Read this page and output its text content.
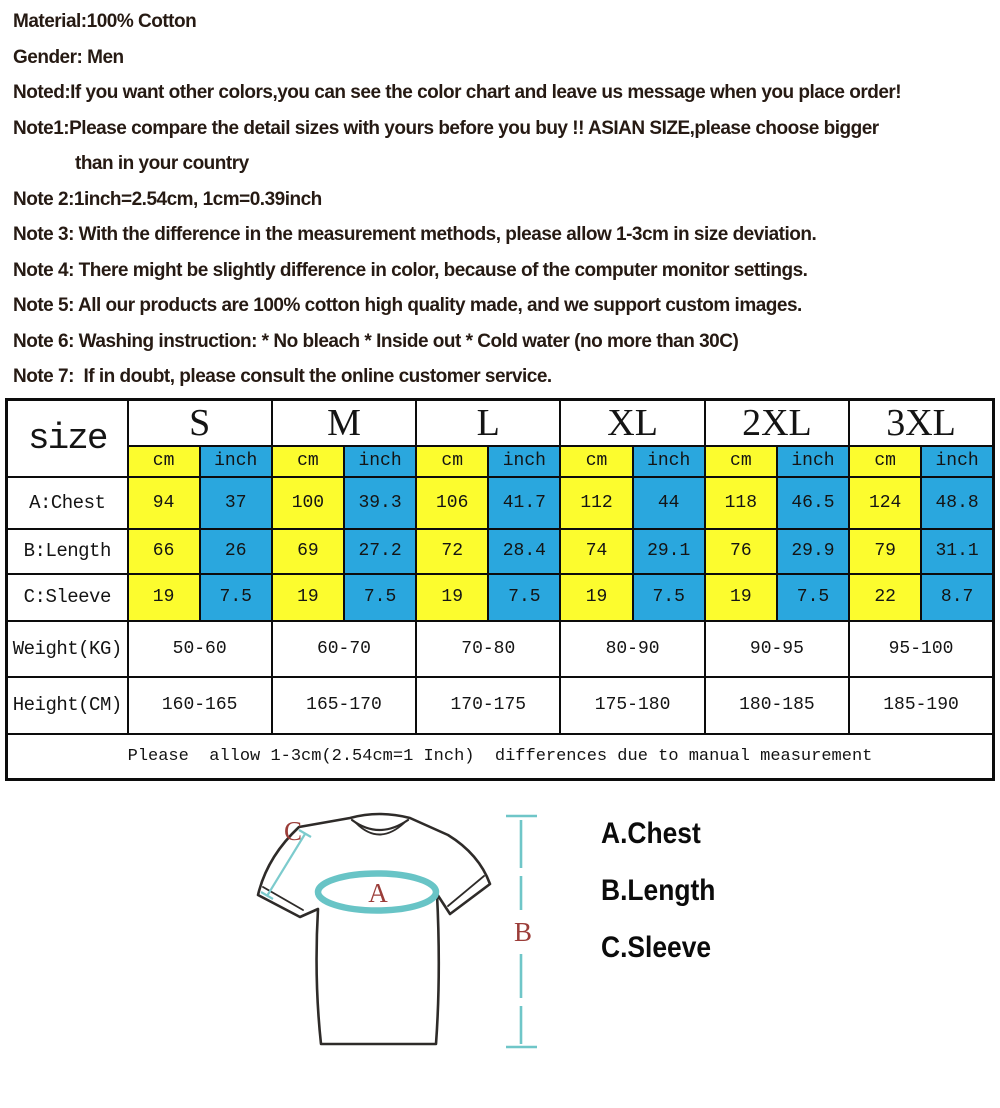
Material:100% Cotton
Gender: Men
Noted:If you want other colors,you can see the color chart and leave us message when you place order!
Note1:Please compare the detail sizes with yours before you buy !! ASIAN SIZE,please choose bigger
than in your country
Note 2:1inch=2.54cm, 1cm=0.39inch
Note 3: With the difference in the measurement methods, please allow 1-3cm in size deviation.
Note 4: There might be slightly difference in color, because of the computer monitor settings.
Note 5: All our products are 100% cotton high quality made, and we support custom images.
Note 6: Washing instruction: * No bleach * Inside out * Cold water (no more than 30C)
Note 7:  If in doubt, please consult the online customer service.
size	S		M		L		XL		2XL		3XL	
	cm	inch	cm	inch	cm	inch	cm	inch	cm	inch	cm	inch
A:Chest	94	37	100	39.3	106	41.7	112	44	118	46.5	124	48.8
B:Length	66	26	69	27.2	72	28.4	74	29.1	76	29.9	79	31.1
C:Sleeve	19	7.5	19	7.5	19	7.5	19	7.5	19	7.5	22	8.7
Weight(KG)	50-60		60-70		70-80		80-90		90-95		95-100	
Height(CM)	160-165		165-170		170-175		175-180		180-185		185-190	
Please  allow 1-3cm(2.54cm=1 Inch)  differences due to manual measurement												
A
B
C	A.Chest
B.Length
C.Sleeve
